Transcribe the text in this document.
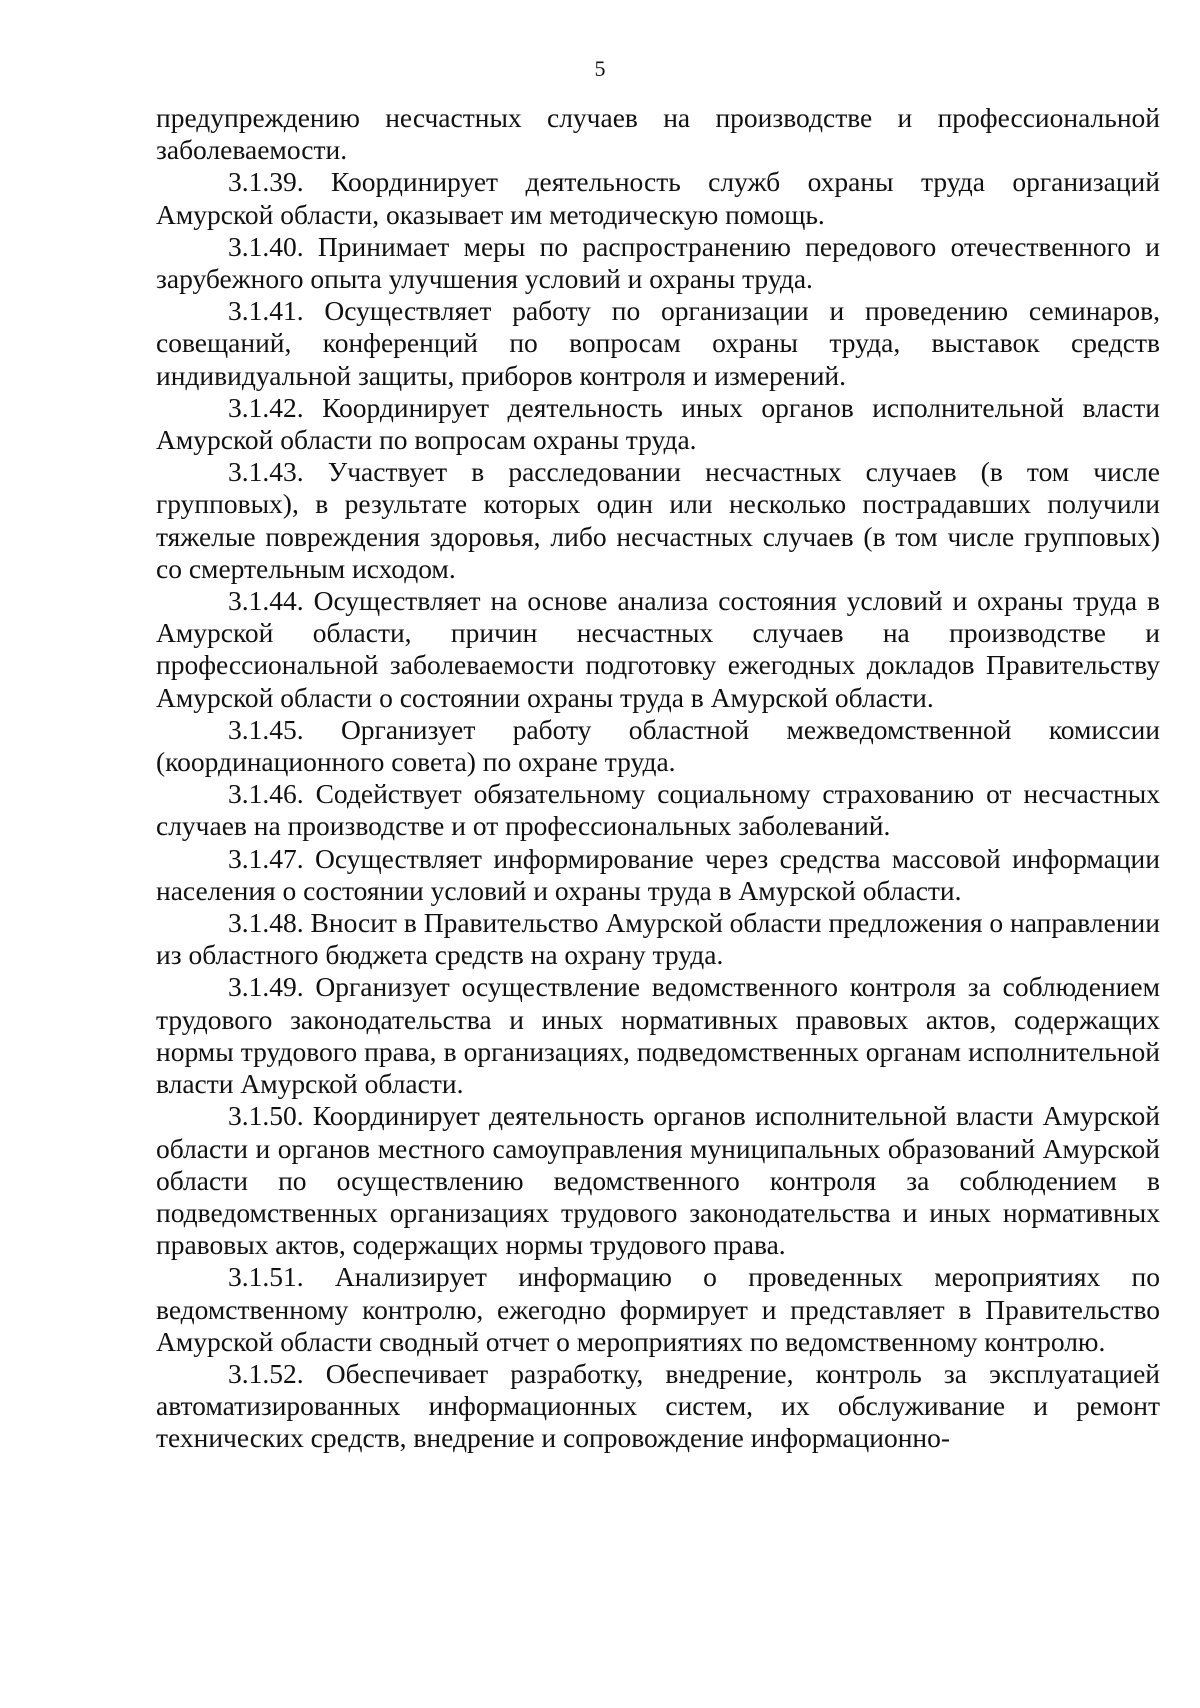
5

предупреждению несчастных случаев на производстве и профессиональной заболеваемости.

3.1.39. Координирует деятельность служб охраны труда организаций Амурской области, оказывает им методическую помощь.

3.1.40. Принимает меры по распространению передового отечественного и зарубежного опыта улучшения условий и охраны труда.

3.1.41. Осуществляет работу по организации и проведению семинаров, совещаний, конференций по вопросам охраны труда, выставок средств индивидуальной защиты, приборов контроля и измерений.

3.1.42. Координирует деятельность иных органов исполнительной власти Амурской области по вопросам охраны труда.

3.1.43. Участвует в расследовании несчастных случаев (в том числе групповых), в результате которых один или несколько пострадавших получили тяжелые повреждения здоровья, либо несчастных случаев (в том числе групповых) со смертельным исходом.

3.1.44. Осуществляет на основе анализа состояния условий и охраны труда в Амурской области, причин несчастных случаев на производстве и профессиональной заболеваемости подготовку ежегодных докладов Правительству Амурской области о состоянии охраны труда в Амурской области.

3.1.45. Организует работу областной межведомственной комиссии (координационного совета) по охране труда.

3.1.46. Содействует обязательному социальному страхованию от несчастных случаев на производстве и от профессиональных заболеваний.

3.1.47. Осуществляет информирование через средства массовой информации населения о состоянии условий и охраны труда в Амурской области.

3.1.48. Вносит в Правительство Амурской области предложения о направлении из областного бюджета средств на охрану труда.

3.1.49. Организует осуществление ведомственного контроля за соблюдением трудового законодательства и иных нормативных правовых актов, содержащих нормы трудового права, в организациях, подведомственных органам исполнительной власти Амурской области.

3.1.50. Координирует деятельность органов исполнительной власти Амурской области и органов местного самоуправления муниципальных образований Амурской области по осуществлению ведомственного контроля за соблюдением в подведомственных организациях трудового законодательства и иных нормативных правовых актов, содержащих нормы трудового права.

3.1.51. Анализирует информацию о проведенных мероприятиях по ведомственному контролю, ежегодно формирует и представляет в Правительство Амурской области сводный отчет о мероприятиях по ведомственному контролю.

3.1.52. Обеспечивает разработку, внедрение, контроль за эксплуатацией автоматизированных информационных систем, их обслуживание и ремонт технических средств, внедрение и сопровождение информационно-
